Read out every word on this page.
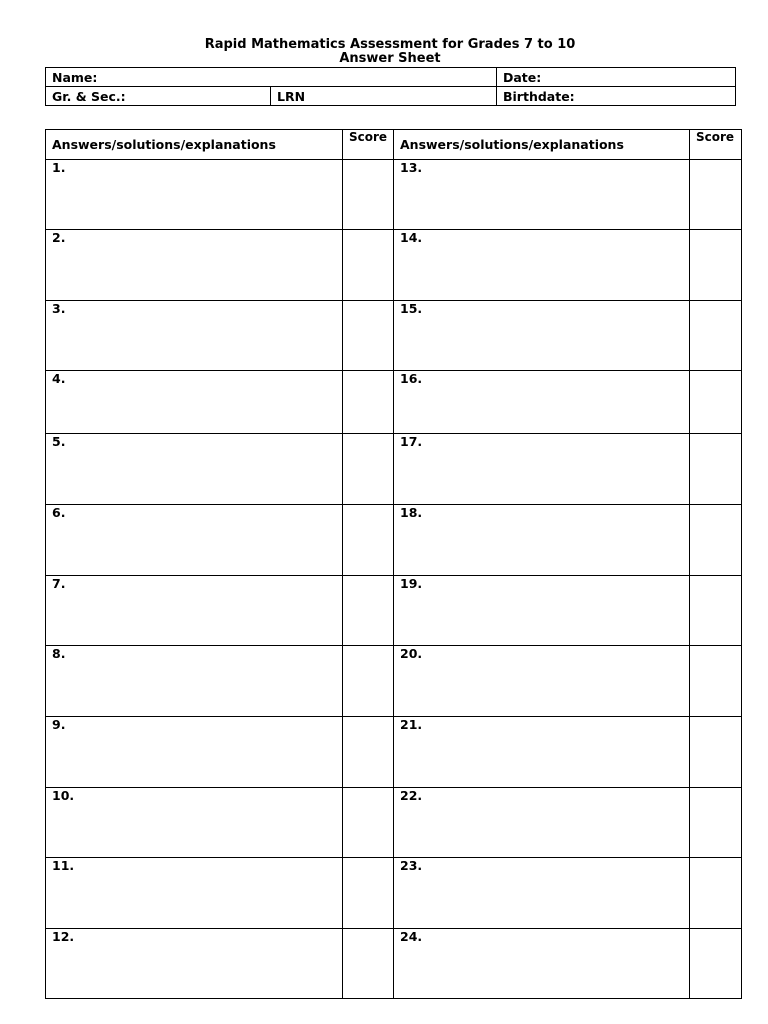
Rapid Mathematics Assessment for Grades 7 to 10
Answer Sheet
Name:		Date:
Gr. & Sec.:	LRN	Birthdate:
Answers/solutions/explanations	Score	Answers/solutions/explanations	Score
1.		13.	
2.		14.	
3.		15.	
4.		16.	
5.		17.	
6.		18.	
7.		19.	
8.		20.	
9.		21.	
10.		22.	
11.		23.	
12.		24.	
